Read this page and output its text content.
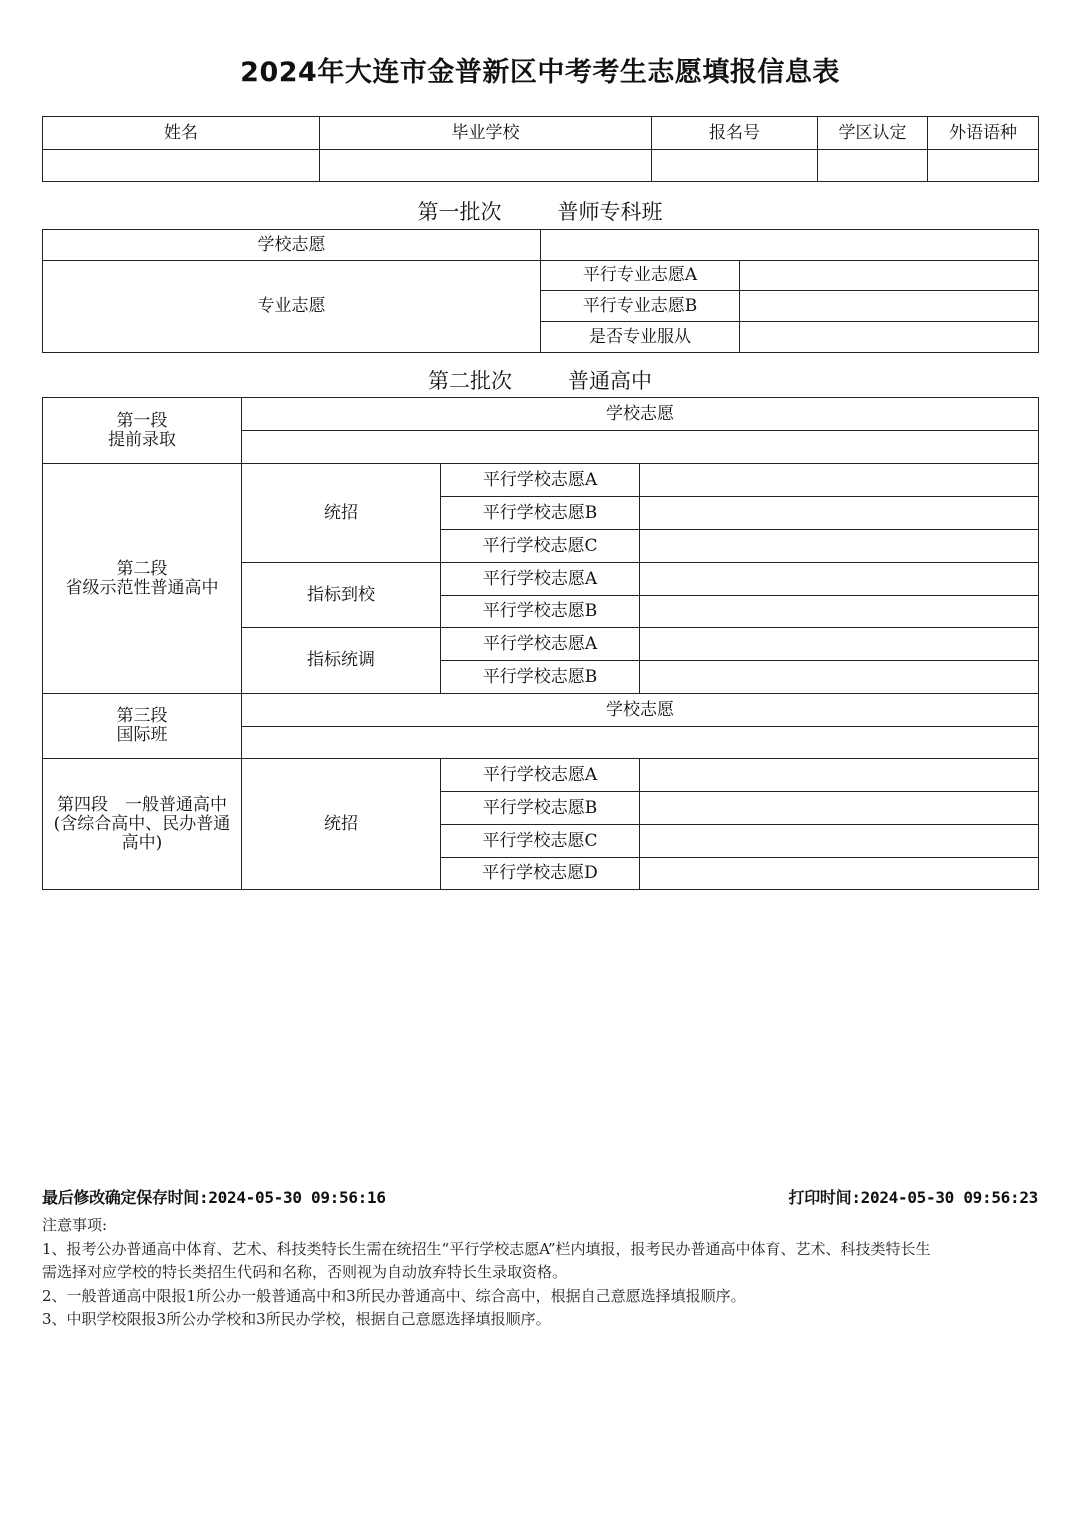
2024年大连市金普新区中考考生志愿填报信息表
姓名	毕业学校	报名号	学区认定	外语语种

第一批次	普师专科班
学校志愿		
专业志愿	平行专业志愿A	
	平行专业志愿B	
	是否专业服从	
第二批次	普通高中
第一段
提前录取	学校志愿		

第二段
省级示范性普通高中	统招	平行学校志愿A	
		平行学校志愿B	
		平行学校志愿C	
	指标到校	平行学校志愿A	
		平行学校志愿B	
	指标统调	平行学校志愿A	
		平行学校志愿B	

第三段
国际班	学校志愿		

第四段　一般普通高中
(含综合高中、民办普通
高中)	统招	平行学校志愿A	
		平行学校志愿B	
		平行学校志愿C	
		平行学校志愿D	
最后修改确定保存时间:2024-05-30 09:56:16	打印时间:2024-05-30 09:56:23

注意事项:

1、报考公办普通高中体育、艺术、科技类特长生需在统招生“平行学校志愿A”栏内填报，报考民办普通高中体育、艺术、科技类特长生

需选择对应学校的特长类招生代码和名称，否则视为自动放弃特长生录取资格。

2、一般普通高中限报1所公办一般普通高中和3所民办普通高中、综合高中，根据自己意愿选择填报顺序。

3、中职学校限报3所公办学校和3所民办学校，根据自己意愿选择填报顺序。
